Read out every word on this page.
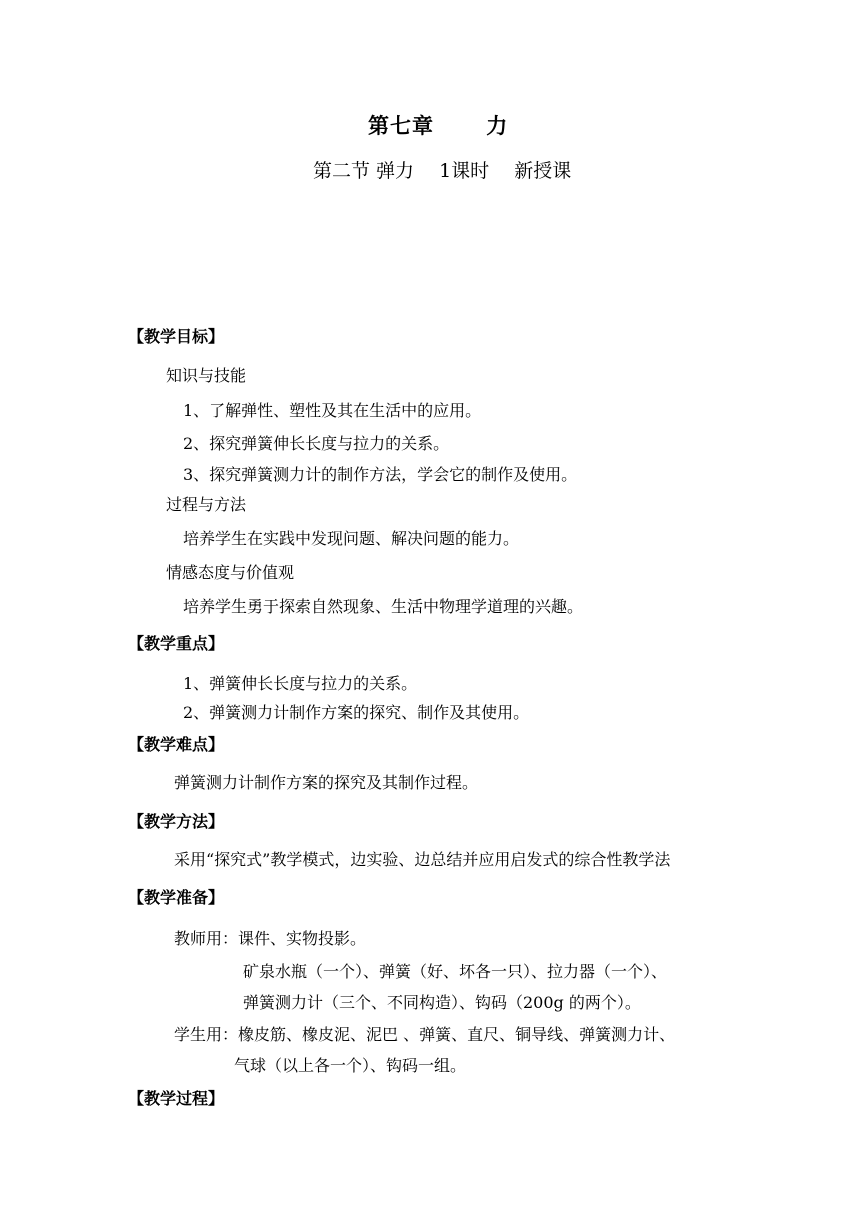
第七章 　　力
第二节 弹力 　1课时 　新授课
【教学目标】
知识与技能
1、了解弹性、塑性及其在生活中的应用。
2、探究弹簧伸长长度与拉力的关系。
3、探究弹簧测力计的制作方法，学会它的制作及使用。
过程与方法
培养学生在实践中发现问题、解决问题的能力。
情感态度与价值观
培养学生勇于探索自然现象、生活中物理学道理的兴趣。
【教学重点】
1、弹簧伸长长度与拉力的关系。
2、弹簧测力计制作方案的探究、制作及其使用。
【教学难点】
弹簧测力计制作方案的探究及其制作过程。
【教学方法】
采用“探究式”教学模式，边实验、边总结并应用启发式的综合性教学法
【教学准备】
教师用：课件、实物投影。
矿泉水瓶（一个）、弹簧（好、坏各一只）、拉力器（一个）、
弹簧测力计（三个、不同构造）、钩码（200g 的两个）。
学生用：橡皮筋、橡皮泥、泥巴 、弹簧、直尺、铜导线、弹簧测力计、
气球（以上各一个）、钩码一组。
【教学过程】
